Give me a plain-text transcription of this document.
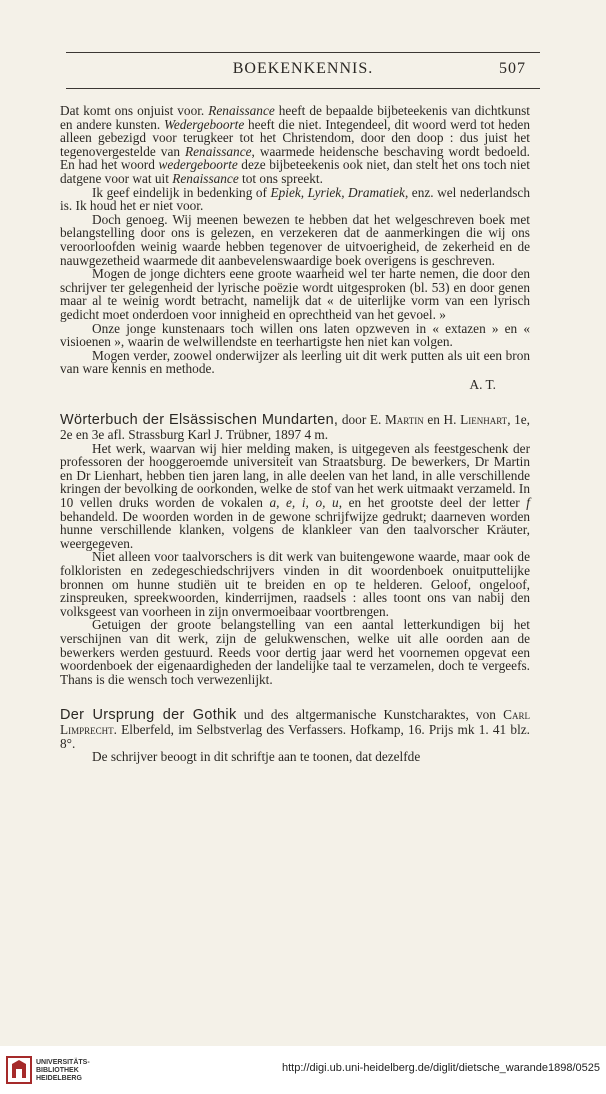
BOEKENKENNIS.	507

Dat komt ons onjuist voor. Renaissance heeft de bepaalde bijbeteekenis van dichtkunst en andere kunsten. Wedergeboorte heeft die niet. Integendeel, dit woord werd tot heden alleen gebezigd voor terugkeer tot het Christendom, door den doop : dus juist het tegenovergestelde van Renaissance, waarmede heidensche beschaving wordt bedoeld. En had het woord wedergeboorte deze bijbeteekenis ook niet, dan stelt het ons toch niet datgene voor wat uit Renaissance tot ons spreekt.

Ik geef eindelijk in bedenking of Epiek, Lyriek, Dramatiek, enz. wel nederlandsch is. Ik houd het er niet voor.

Doch genoeg. Wij meenen bewezen te hebben dat het welgeschreven boek met belangstelling door ons is gelezen, en verzekeren dat de aanmerkingen die wij ons veroorloofden weinig waarde hebben tegenover de uitvoerigheid, de zekerheid en de nauwgezetheid waarmede dit aanbevelenswaardige boek overigens is geschreven.

Mogen de jonge dichters eene groote waarheid wel ter harte nemen, die door den schrijver ter gelegenheid der lyrische poëzie wordt uitgesproken (bl. 53) en door genen maar al te weinig wordt betracht, namelijk dat « de uiterlijke vorm van een lyrisch gedicht moet onderdoen voor innigheid en oprechtheid van het gevoel. »

Onze jonge kunstenaars toch willen ons laten opzweven in « extazen » en « visioenen », waarin de welwillendste en teerhartigste hen niet kan volgen.

Mogen verder, zoowel onderwijzer als leerling uit dit werk putten als uit een bron van ware kennis en methode.

A. T.

Wörterbuch der Elsässischen Mundarten, door E. Martin en H. Lienhart, 1e, 2e en 3e afl. Strassburg Karl J. Trübner, 1897 4 m.

Het werk, waarvan wij hier melding maken, is uitgegeven als feestgeschenk der professoren der hooggeroemde universiteit van Straatsburg. De bewerkers, Dr Martin en Dr Lienhart, hebben tien jaren lang, in alle deelen van het land, in alle verschillende kringen der bevolking de oorkonden, welke de stof van het werk uitmaakt verzameld. In 10 vellen druks worden de vokalen a, e, i, o, u, en het grootste deel der letter f behandeld. De woorden worden in de gewone schrijfwijze gedrukt; daarneven worden hunne verschillende klanken, volgens de klankleer van den taalvorscher Kräuter, weergegeven.

Niet alleen voor taalvorschers is dit werk van buitengewone waarde, maar ook de folkloristen en zedegeschiedschrijvers vinden in dit woordenboek onuitputtelijke bronnen om hunne studiën uit te breiden en op te helderen. Geloof, ongeloof, zinspreuken, spreekwoorden, kinderrijmen, raadsels : alles toont ons van nabij den volksgeest van voorheen in zijn onvermoeibaar voortbrengen.

Getuigen der groote belangstelling van een aantal letterkundigen bij het verschijnen van dit werk, zijn de gelukwenschen, welke uit alle oorden aan de bewerkers werden gestuurd. Reeds voor dertig jaar werd het voornemen opgevat een woordenboek der eigenaardigheden der landelijke taal te verzamelen, doch te vergeefs. Thans is die wensch toch verwezenlijkt.

Der Ursprung der Gothik und des altgermanische Kunstcharaktes, von Carl Limprecht. Elberfeld, im Selbstverlag des Verfassers. Hofkamp, 16. Prijs mk 1. 41 blz. 8°.

De schrijver beoogt in dit schriftje aan te toonen, dat dezelfde

UNIVERSITÄTS-
BIBLIOTHEK
HEIDELBERG
http://digi.ub.uni-heidelberg.de/diglit/dietsche_warande1898/0525
